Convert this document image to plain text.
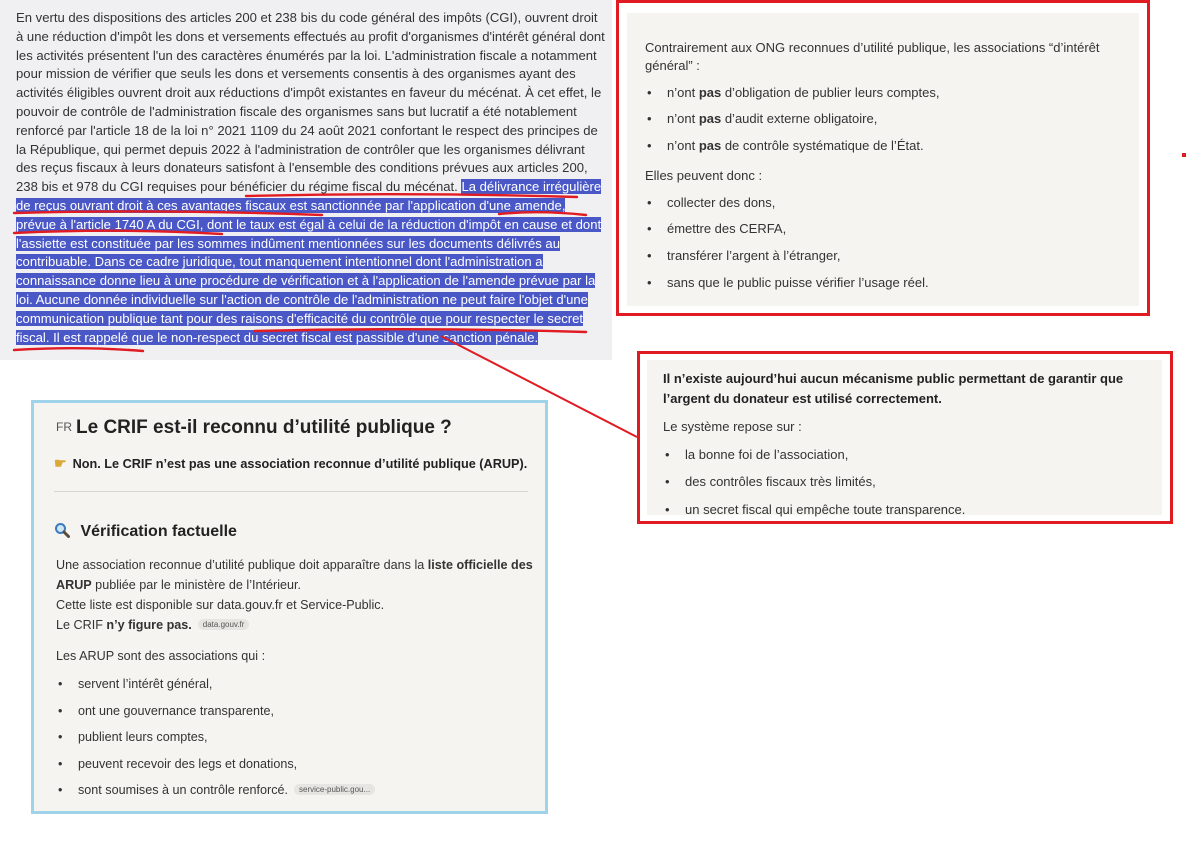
En vertu des dispositions des articles 200 et 238 bis du code général des impôts (CGI), ouvrent droit à une réduction d'impôt les dons et versements effectués au profit d'organismes d'intérêt général dont les activités présentent l'un des caractères énumérés par la loi. L'administration fiscale a notamment pour mission de vérifier que seuls les dons et versements consentis à des organismes ayant des activités éligibles ouvrent droit aux réductions d'impôt existantes en faveur du mécénat. À cet effet, le pouvoir de contrôle de l'administration fiscale des organismes sans but lucratif a été notablement renforcé par l'article 18 de la loi n° 2021 1109 du 24 août 2021 confortant le respect des principes de la République, qui permet depuis 2022 à l'administration de contrôler que les organismes délivrant des reçus fiscaux à leurs donateurs satisfont à l'ensemble des conditions prévues aux articles 200, 238 bis et 978 du CGI requises pour bénéficier du régime fiscal du mécénat. La délivrance irrégulière de reçus ouvrant droit à ces avantages fiscaux est sanctionnée par l'application d'une amende, prévue à l'article 1740 A du CGI, dont le taux est égal à celui de la réduction d'impôt en cause et dont l'assiette est constituée par les sommes indûment mentionnées sur les documents délivrés au contribuable. Dans ce cadre juridique, tout manquement intentionnel dont l'administration a connaissance donne lieu à une procédure de vérification et à l'application de l'amende prévue par la loi. Aucune donnée individuelle sur l'action de contrôle de l'administration ne peut faire l'objet d'une communication publique tant pour des raisons d'efficacité du contrôle que pour respecter le secret fiscal. Il est rappelé que le non-respect du secret fiscal est passible d'une sanction pénale.

Contrairement aux ONG reconnues d’utilité publique, les associations “d’intérêt général” :

• n’ont pas d’obligation de publier leurs comptes,
• n’ont pas d’audit externe obligatoire,
• n’ont pas de contrôle systématique de l’État.

Elles peuvent donc :

• collecter des dons,
• émettre des CERFA,
• transférer l’argent à l’étranger,
• sans que le public puisse vérifier l’usage réel.

Il n’existe aujourd’hui aucun mécanisme public permettant de garantir que l’argent du donateur est utilisé correctement.

Le système repose sur :

• la bonne foi de l’association,
• des contrôles fiscaux très limités,
• un secret fiscal qui empêche toute transparence.
FR Le CRIF est-il reconnu d’utilité publique ?
☛ Non. Le CRIF n’est pas une association reconnue d’utilité publique (ARUP).
Vérification factuelle
Une association reconnue d’utilité publique doit apparaître dans la liste officielle des ARUP publiée par le ministère de l’Intérieur.
Cette liste est disponible sur data.gouv.fr et Service-Public.
Le CRIF n’y figure pas. data.gouv.fr
Les ARUP sont des associations qui :
• servent l’intérêt général,
• ont une gouvernance transparente,
• publient leurs comptes,
• peuvent recevoir des legs et donations,
• sont soumises à un contrôle renforcé. service-public.gou...
